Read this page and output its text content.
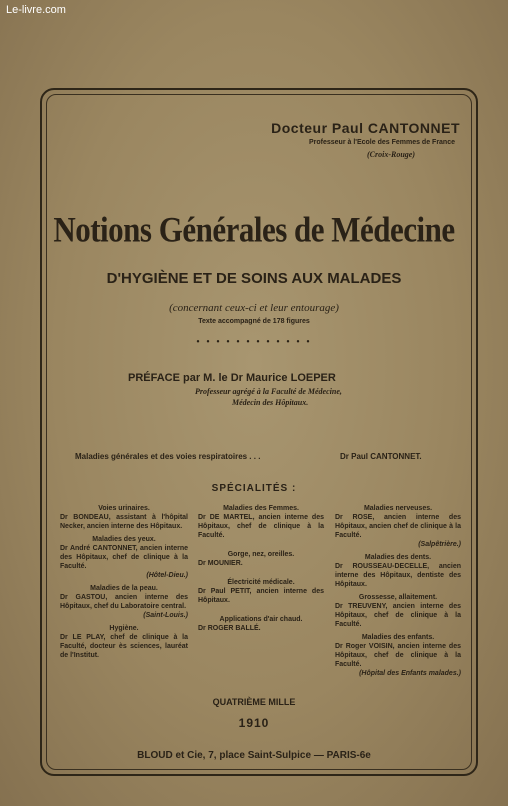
Le-livre.com
Docteur Paul CANTONNET
Professeur à l'Ecole des Femmes de France
(Croix-Rouge)
Notions Générales de Médecine
D'HYGIÈNE ET DE SOINS AUX MALADES
(concernant ceux-ci et leur entourage)
Texte accompagné de 178 figures
• • • • • • • • • • • •
PRÉFACE par M. le Dr Maurice LOEPER
Professeur agrégé à la Faculté de Médecine,
Médecin des Hôpitaux.
Maladies générales et des voies respiratoires . . .	Dr Paul CANTONNET.
SPÉCIALITÉS :
Voies urinaires.
Dr BONDEAU, assistant à l'hôpital Necker, ancien interne des Hôpitaux.
Maladies des yeux.
Dr André CANTONNET, ancien interne des Hôpitaux, chef de clinique à la Faculté.
(Hôtel-Dieu.)
Maladies de la peau.
Dr GASTOU, ancien interne des Hôpitaux, chef du Laboratoire central.
(Saint-Louis.)
Hygiène.
Dr LE PLAY, chef de clinique à la Faculté, docteur ès sciences, lauréat de l'Institut.
Maladies des Femmes.
Dr DE MARTEL, ancien interne des Hôpitaux, chef de clinique à la Faculté.
Gorge, nez, oreilles.
Dr MOUNIER.
Électricité médicale.
Dr Paul PETIT, ancien interne des Hôpitaux.
Applications d'air chaud.
Dr ROGER BALLÉ.
Maladies nerveuses.
Dr ROSE, ancien interne des Hôpitaux, ancien chef de clinique à la Faculté.
(Salpêtrière.)
Maladies des dents.
Dr ROUSSEAU-DECELLE, ancien interne des Hôpitaux, dentiste des Hôpitaux.
Grossesse, allaitement.
Dr TREUVENY, ancien interne des Hôpitaux, chef de clinique à la Faculté.
Maladies des enfants.
Dr Roger VOISIN, ancien interne des Hôpitaux, chef de clinique à la Faculté.
(Hôpital des Enfants malades.)
QUATRIÈME MILLE
1910
BLOUD et Cie, 7, place Saint-Sulpice — PARIS-6e
